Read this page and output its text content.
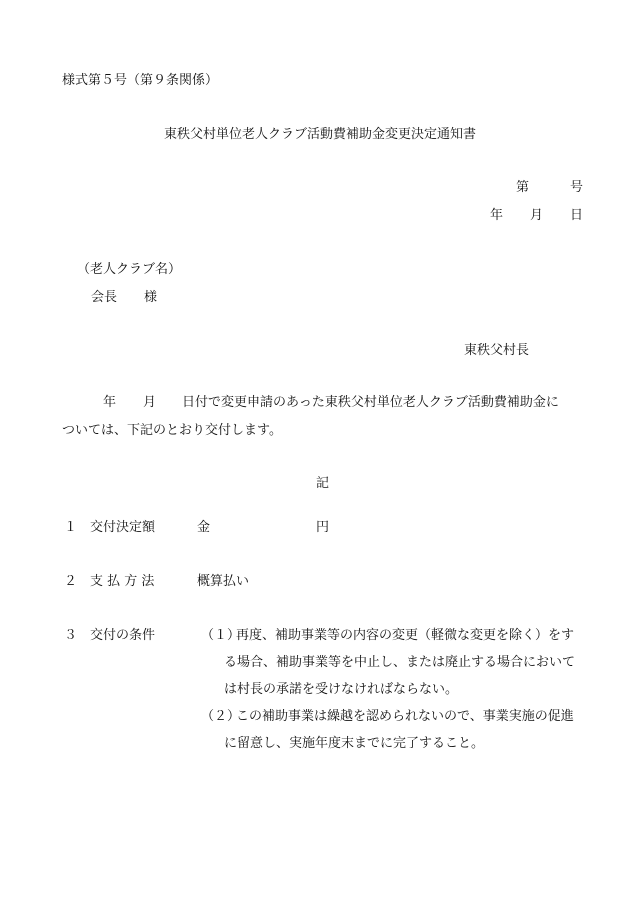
様式第５号（第９条関係）
東秩父村単位老人クラブ活動費補助金変更決定通知書
第	号
年 月 日
（老人クラブ名）
会長 様
東秩父村長
年 月 日付で変更申請のあった東秩父村単位老人クラブ活動費補助金に
ついては、下記のとおり交付します。
記
１ 交付決定額	金	円
２ 支 払 方 法	概算払い
３ 交付の条件	（１）
再度、補助事業等の内容の変更（軽微な変更を除く）をす
る場合、補助事業等を中止し、または廃止する場合において
は村長の承諾を受けなければならない。
（２）
この補助事業は繰越を認められないので、事業実施の促進
に留意し、実施年度末までに完了すること。
